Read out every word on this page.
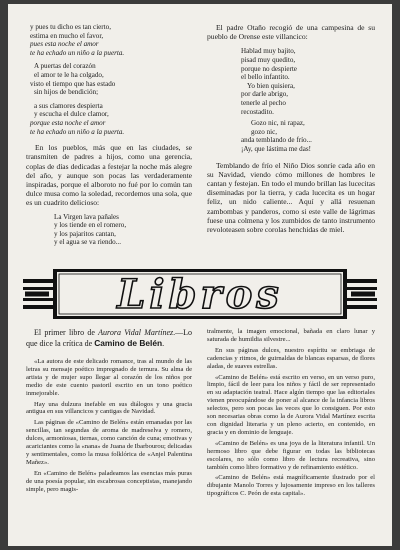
y pues tu dicho es tan cierto,
estima en mucho el favor,
pues esta noche el amor
te ha echado un niño a la puerta.
A puertas del corazón
el amor te le ha colgado,
visto el tiempo que has estado
sin hijos de bendición;
a sus clamores despierta
y escucha el dulce clamor,
porque esta noche el amor
te ha echado un niño a la puerta.

En los pueblos, más que en las ciudades, se transmiten de padres a hijos, como una gerencia, coplas de días dedicadas a festejar la noche más alegre del año, y aunque son pocas las verdaderamente inspiradas, porque el alboroto no fué por lo común tan dulce musa como la soledad, recordemos una sola, que es un cuadrito delicioso:

La Virgen lava pañales
y los tiende en el romero,
y los pajaritos cantan,
y el agua se va riendo...

El padre Otaño recogió de una campesina de su pueblo de Orense este villancico:

Hablad muy bajito,
pisad muy quedito,
porque no despierte
el bello infantito.
Yo bien quisiera,
por darle abrigo,
tenerle al pecho
recostadito.
Gozo nic, ni rapaz,
gozo nic,
anda temblando de frío...
¡Ay, que lástima me das!

Temblando de frío el Niño Dios sonríe cada año en su Navidad, viendo cómo millones de hombres le cantan y festejan. En todo el mundo brillan las lucecitas diseminadas por la tierra, y cada lucecita es un hogar feliz, un nido caliente... Aquí y allá resuenan zambombas y panderos, como si este valle de lágrimas fuese una colmena y los zumbidos de tanto instrumento revoloteasen sobre corolas henchidas de miel.

Libros

El primer libro de Aurora Vidal Martínez.—Lo que dice la crítica de Camino de Belén.

«La autora de este delicado romance, tras al mundo de las letras su mensaje poético impregnado de ternura. Su alma de artista y de mujer supo llegar al corazón de los niños por medio de este cuento pastoril escrito en un tono poético inmejorable.

Hay una dulzura inefable en sus diálogos y una gracia antigua en sus villancicos y cantigas de Navidad.

Las páginas de «Camino de Belén» están emanadas por las sencillas, tan segundas de aroma de madreselva y romero, dulces, armoniosas, tiernas, como canción de cuna; emotivas y acariciantes como la «nana» de Juana de Ibarbourou; delicadas y sentimentales, como la musa folklórica de «Anjel Palentina Mañez».

En «Camino de Belén» paladeamos las esencias más puras de una poesía popular, sin escabrosas conceptistas, manejando simple, pero magis-

tralmente, la imagen emocional, bañada en claro lunar y saturada de humildia silvestre...

En sus páginas dulces, nuestro espíritu se embriaga de cadencias y ritmos, de guirnaldas de blancas esparsas, de flores aladas, de suaves estrellas.

«Camino de Belén» está escrito en verso, en un verso puro, limpio, fácil de leer para los niños y fácil de ser representado en su adaptación teatral. Hace algún tiempo que las editoriales vienen preocupándose de poner al alcance de la infancia libros selectos, pero son pocas las veces que lo consiguen. Por esto son necesarias obras como la de Aurora Vidal Martínez escrita con dignidad literaria y un pleno acierto, en contenido, en gracia y en dominio de lenguaje.

«Camino de Belén» es una joya de la literatura infantil. Un hermoso libro que debe figurar en todas las bibliotecas escolares, no sólo como libro de lectura recreativa, sino también como libro formativo y de refinamiento estético.

«Camino de Belén» está magníficamente ilustrado por el dibujante Manolo Torres y lujosamente impreso en los talleres tipográficos C. Peón de esta capital».
